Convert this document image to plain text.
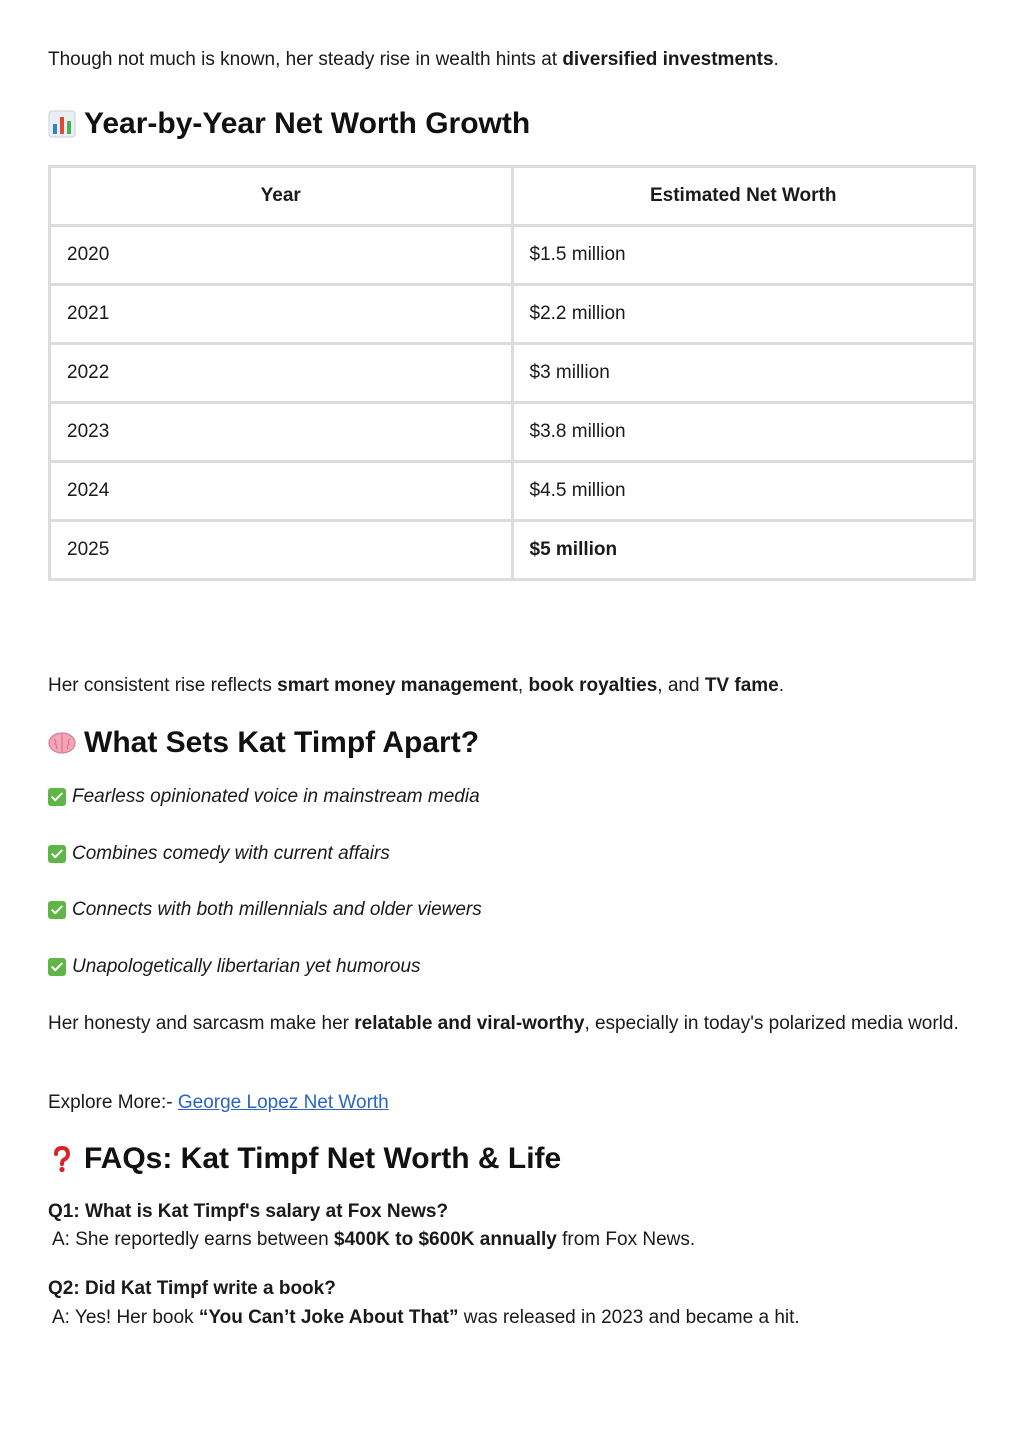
Though not much is known, her steady rise in wealth hints at diversified investments.

Year-by-Year Net Worth Growth
Year	Estimated Net Worth
2020	$1.5 million
2021	$2.2 million
2022	$3 million
2023	$3.8 million
2024	$4.5 million
2025	$5 million

Her consistent rise reflects smart money management, book royalties, and TV fame.

What Sets Kat Timpf Apart?
Fearless opinionated voice in mainstream media
Combines comedy with current affairs
Connects with both millennials and older viewers
Unapologetically libertarian yet humorous

Her honesty and sarcasm make her relatable and viral-worthy, especially in today's polarized media world.

Explore More:- George Lopez Net Worth

FAQs: Kat Timpf Net Worth & Life

Q1: What is Kat Timpf's salary at Fox News?

A: She reportedly earns between $400K to $600K annually from Fox News.

Q2: Did Kat Timpf write a book?

A: Yes! Her book “You Can’t Joke About That” was released in 2023 and became a hit.
